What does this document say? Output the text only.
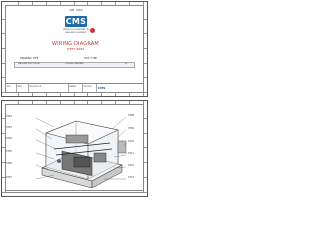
CMS · DOCS
CMS
WIRING DOCUMENTATION
MACHINE EQUIPMENT
WIRING DIAGRAM
SHEET INDEX
DRAWING TYPE	DOC. TYPE
MACHINE ELECTRICAL	SCHEME DIAGRAM	01
REV	DATE	DESCRIPTION	DRAWN	CHECKED CMS
ST02
ST03
ST04
ST05
ST06
ST07
ST08
ST09
ST10
ST11
ST12
ST13
